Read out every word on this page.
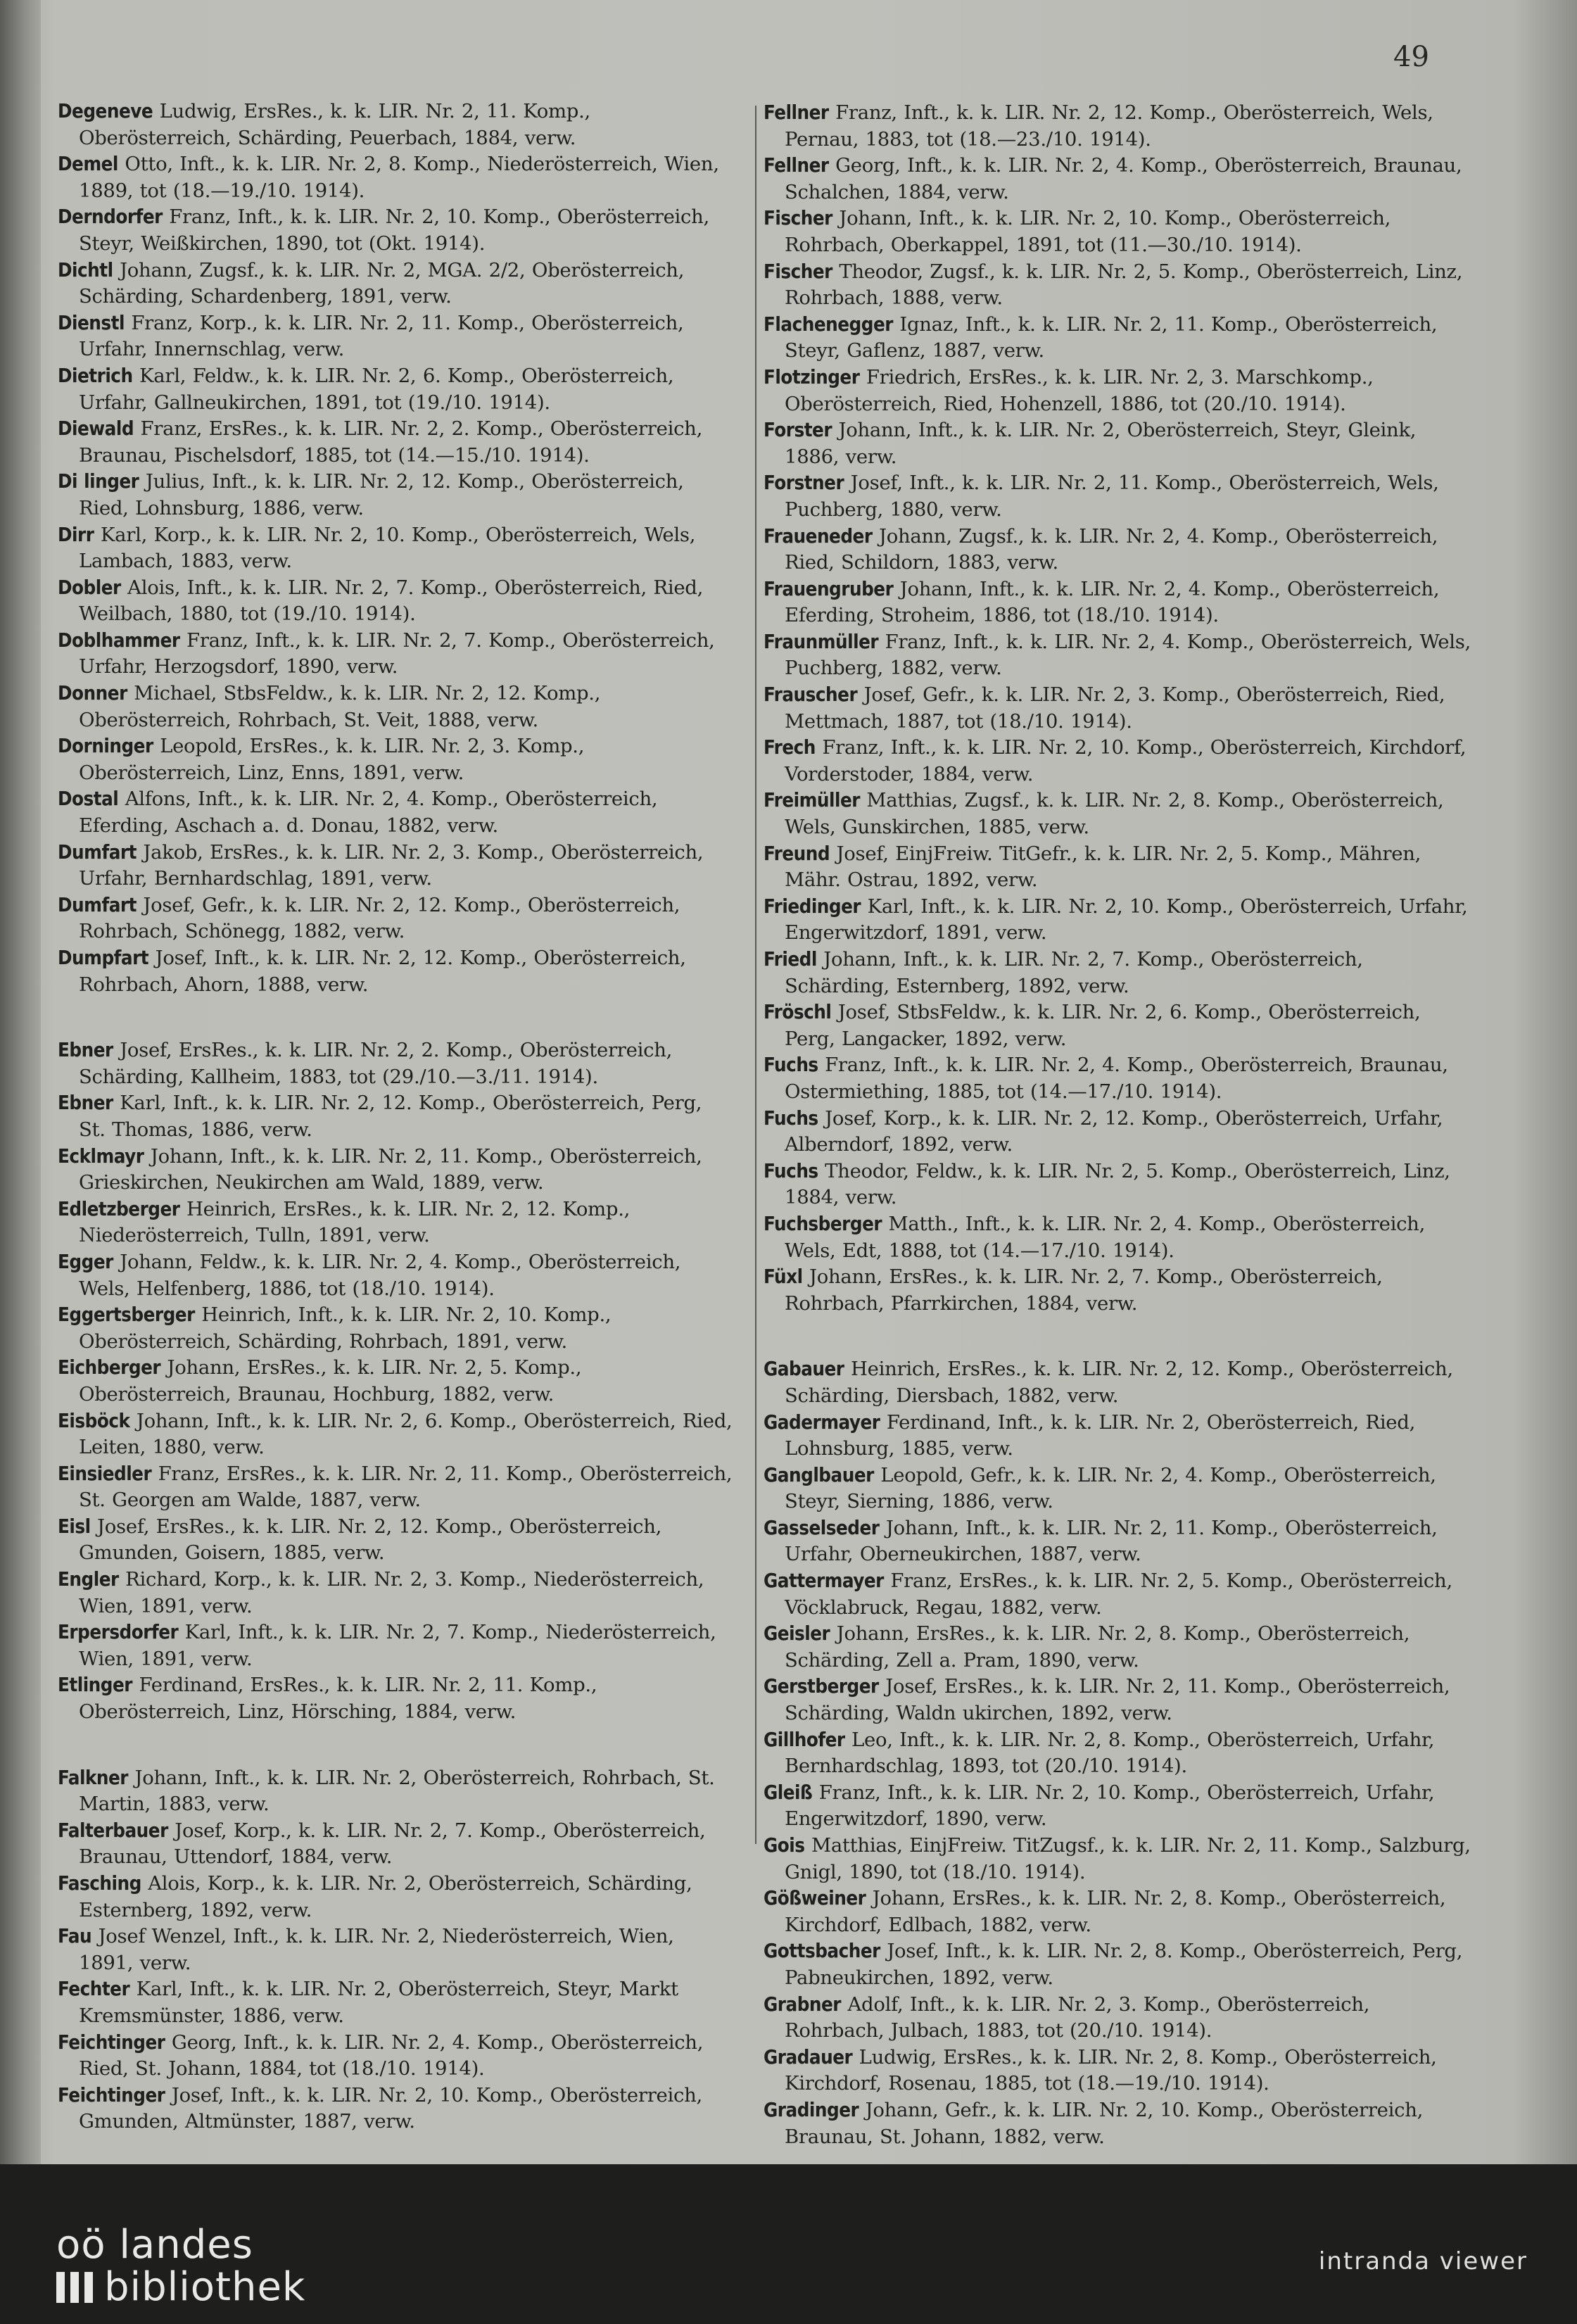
49

Degeneve Ludwig, ErsRes., k. k. LIR. Nr. 2, 11. Komp., Oberösterreich, Schärding, Peuerbach, 1884, verw.

Demel Otto, Inft., k. k. LIR. Nr. 2, 8. Komp., Niederösterreich, Wien, 1889, tot (18.—19./10. 1914).

Derndorfer Franz, Inft., k. k. LIR. Nr. 2, 10. Komp., Oberösterreich, Steyr, Weißkirchen, 1890, tot (Okt. 1914).

Dichtl Johann, Zugsf., k. k. LIR. Nr. 2, MGA. 2/2, Oberösterreich, Schärding, Schardenberg, 1891, verw.

Dienstl Franz, Korp., k. k. LIR. Nr. 2, 11. Komp., Oberösterreich, Urfahr, Innernschlag, verw.

Dietrich Karl, Feldw., k. k. LIR. Nr. 2, 6. Komp., Oberösterreich, Urfahr, Gallneukirchen, 1891, tot (19./10. 1914).

Diewald Franz, ErsRes., k. k. LIR. Nr. 2, 2. Komp., Oberösterreich, Braunau, Pischelsdorf, 1885, tot (14.—15./10. 1914).

Di linger Julius, Inft., k. k. LIR. Nr. 2, 12. Komp., Oberösterreich, Ried, Lohnsburg, 1886, verw.

Dirr Karl, Korp., k. k. LIR. Nr. 2, 10. Komp., Oberösterreich, Wels, Lambach, 1883, verw.

Dobler Alois, Inft., k. k. LIR. Nr. 2, 7. Komp., Oberösterreich, Ried, Weilbach, 1880, tot (19./10. 1914).

Doblhammer Franz, Inft., k. k. LIR. Nr. 2, 7. Komp., Oberösterreich, Urfahr, Herzogsdorf, 1890, verw.

Donner Michael, StbsFeldw., k. k. LIR. Nr. 2, 12. Komp., Oberösterreich, Rohrbach, St. Veit, 1888, verw.

Dorninger Leopold, ErsRes., k. k. LIR. Nr. 2, 3. Komp., Oberösterreich, Linz, Enns, 1891, verw.

Dostal Alfons, Inft., k. k. LIR. Nr. 2, 4. Komp., Oberösterreich, Eferding, Aschach a. d. Donau, 1882, verw.

Dumfart Jakob, ErsRes., k. k. LIR. Nr. 2, 3. Komp., Oberösterreich, Urfahr, Bernhardschlag, 1891, verw.

Dumfart Josef, Gefr., k. k. LIR. Nr. 2, 12. Komp., Oberösterreich, Rohrbach, Schönegg, 1882, verw.

Dumpfart Josef, Inft., k. k. LIR. Nr. 2, 12. Komp., Oberösterreich, Rohrbach, Ahorn, 1888, verw.

Ebner Josef, ErsRes., k. k. LIR. Nr. 2, 2. Komp., Oberösterreich, Schärding, Kallheim, 1883, tot (29./10.—3./11. 1914).

Ebner Karl, Inft., k. k. LIR. Nr. 2, 12. Komp., Oberösterreich, Perg, St. Thomas, 1886, verw.

Ecklmayr Johann, Inft., k. k. LIR. Nr. 2, 11. Komp., Oberösterreich, Grieskirchen, Neukirchen am Wald, 1889, verw.

Edletzberger Heinrich, ErsRes., k. k. LIR. Nr. 2, 12. Komp., Niederösterreich, Tulln, 1891, verw.

Egger Johann, Feldw., k. k. LIR. Nr. 2, 4. Komp., Oberösterreich, Wels, Helfenberg, 1886, tot (18./10. 1914).

Eggertsberger Heinrich, Inft., k. k. LIR. Nr. 2, 10. Komp., Oberösterreich, Schärding, Rohrbach, 1891, verw.

Eichberger Johann, ErsRes., k. k. LIR. Nr. 2, 5. Komp., Oberösterreich, Braunau, Hochburg, 1882, verw.

Eisböck Johann, Inft., k. k. LIR. Nr. 2, 6. Komp., Oberösterreich, Ried, Leiten, 1880, verw.

Einsiedler Franz, ErsRes., k. k. LIR. Nr. 2, 11. Komp., Oberösterreich, St. Georgen am Walde, 1887, verw.

Eisl Josef, ErsRes., k. k. LIR. Nr. 2, 12. Komp., Oberösterreich, Gmunden, Goisern, 1885, verw.

Engler Richard, Korp., k. k. LIR. Nr. 2, 3. Komp., Niederösterreich, Wien, 1891, verw.

Erpersdorfer Karl, Inft., k. k. LIR. Nr. 2, 7. Komp., Niederösterreich, Wien, 1891, verw.

Etlinger Ferdinand, ErsRes., k. k. LIR. Nr. 2, 11. Komp., Oberösterreich, Linz, Hörsching, 1884, verw.

Falkner Johann, Inft., k. k. LIR. Nr. 2, Oberösterreich, Rohrbach, St. Martin, 1883, verw.

Falterbauer Josef, Korp., k. k. LIR. Nr. 2, 7. Komp., Oberösterreich, Braunau, Uttendorf, 1884, verw.

Fasching Alois, Korp., k. k. LIR. Nr. 2, Oberösterreich, Schärding, Esternberg, 1892, verw.

Fau Josef Wenzel, Inft., k. k. LIR. Nr. 2, Niederösterreich, Wien, 1891, verw.

Fechter Karl, Inft., k. k. LIR. Nr. 2, Oberösterreich, Steyr, Markt Kremsmünster, 1886, verw.

Feichtinger Georg, Inft., k. k. LIR. Nr. 2, 4. Komp., Oberösterreich, Ried, St. Johann, 1884, tot (18./10. 1914).

Feichtinger Josef, Inft., k. k. LIR. Nr. 2, 10. Komp., Oberösterreich, Gmunden, Altmünster, 1887, verw.

Fellner Franz, Inft., k. k. LIR. Nr. 2, 12. Komp., Oberösterreich, Wels, Pernau, 1883, tot (18.—23./10. 1914).

Fellner Georg, Inft., k. k. LIR. Nr. 2, 4. Komp., Oberösterreich, Braunau, Schalchen, 1884, verw.

Fischer Johann, Inft., k. k. LIR. Nr. 2, 10. Komp., Oberösterreich, Rohrbach, Oberkappel, 1891, tot (11.—30./10. 1914).

Fischer Theodor, Zugsf., k. k. LIR. Nr. 2, 5. Komp., Oberösterreich, Linz, Rohrbach, 1888, verw.

Flachenegger Ignaz, Inft., k. k. LIR. Nr. 2, 11. Komp., Oberösterreich, Steyr, Gaflenz, 1887, verw.

Flotzinger Friedrich, ErsRes., k. k. LIR. Nr. 2, 3. Marschkomp., Oberösterreich, Ried, Hohenzell, 1886, tot (20./10. 1914).

Forster Johann, Inft., k. k. LIR. Nr. 2, Oberösterreich, Steyr, Gleink, 1886, verw.

Forstner Josef, Inft., k. k. LIR. Nr. 2, 11. Komp., Oberösterreich, Wels, Puchberg, 1880, verw.

Fraueneder Johann, Zugsf., k. k. LIR. Nr. 2, 4. Komp., Oberösterreich, Ried, Schildorn, 1883, verw.

Frauengruber Johann, Inft., k. k. LIR. Nr. 2, 4. Komp., Oberösterreich, Eferding, Stroheim, 1886, tot (18./10. 1914).

Fraunmüller Franz, Inft., k. k. LIR. Nr. 2, 4. Komp., Oberösterreich, Wels, Puchberg, 1882, verw.

Frauscher Josef, Gefr., k. k. LIR. Nr. 2, 3. Komp., Oberösterreich, Ried, Mettmach, 1887, tot (18./10. 1914).

Frech Franz, Inft., k. k. LIR. Nr. 2, 10. Komp., Oberösterreich, Kirchdorf, Vorderstoder, 1884, verw.

Freimüller Matthias, Zugsf., k. k. LIR. Nr. 2, 8. Komp., Oberösterreich, Wels, Gunskirchen, 1885, verw.

Freund Josef, EinjFreiw. TitGefr., k. k. LIR. Nr. 2, 5. Komp., Mähren, Mähr. Ostrau, 1892, verw.

Friedinger Karl, Inft., k. k. LIR. Nr. 2, 10. Komp., Oberösterreich, Urfahr, Engerwitzdorf, 1891, verw.

Friedl Johann, Inft., k. k. LIR. Nr. 2, 7. Komp., Oberösterreich, Schärding, Esternberg, 1892, verw.

Fröschl Josef, StbsFeldw., k. k. LIR. Nr. 2, 6. Komp., Oberösterreich, Perg, Langacker, 1892, verw.

Fuchs Franz, Inft., k. k. LIR. Nr. 2, 4. Komp., Oberösterreich, Braunau, Ostermiething, 1885, tot (14.—17./10. 1914).

Fuchs Josef, Korp., k. k. LIR. Nr. 2, 12. Komp., Oberösterreich, Urfahr, Alberndorf, 1892, verw.

Fuchs Theodor, Feldw., k. k. LIR. Nr. 2, 5. Komp., Oberösterreich, Linz, 1884, verw.

Fuchsberger Matth., Inft., k. k. LIR. Nr. 2, 4. Komp., Oberösterreich, Wels, Edt, 1888, tot (14.—17./10. 1914).

Füxl Johann, ErsRes., k. k. LIR. Nr. 2, 7. Komp., Oberösterreich, Rohrbach, Pfarrkirchen, 1884, verw.

Gabauer Heinrich, ErsRes., k. k. LIR. Nr. 2, 12. Komp., Oberösterreich, Schärding, Diersbach, 1882, verw.

Gadermayer Ferdinand, Inft., k. k. LIR. Nr. 2, Oberösterreich, Ried, Lohnsburg, 1885, verw.

Ganglbauer Leopold, Gefr., k. k. LIR. Nr. 2, 4. Komp., Oberösterreich, Steyr, Sierning, 1886, verw.

Gasselseder Johann, Inft., k. k. LIR. Nr. 2, 11. Komp., Oberösterreich, Urfahr, Oberneukirchen, 1887, verw.

Gattermayer Franz, ErsRes., k. k. LIR. Nr. 2, 5. Komp., Oberösterreich, Vöcklabruck, Regau, 1882, verw.

Geisler Johann, ErsRes., k. k. LIR. Nr. 2, 8. Komp., Oberösterreich, Schärding, Zell a. Pram, 1890, verw.

Gerstberger Josef, ErsRes., k. k. LIR. Nr. 2, 11. Komp., Oberösterreich, Schärding, Waldn ukirchen, 1892, verw.

Gillhofer Leo, Inft., k. k. LIR. Nr. 2, 8. Komp., Oberösterreich, Urfahr, Bernhardschlag, 1893, tot (20./10. 1914).

Gleiß Franz, Inft., k. k. LIR. Nr. 2, 10. Komp., Oberösterreich, Urfahr, Engerwitzdorf, 1890, verw.

Gois Matthias, EinjFreiw. TitZugsf., k. k. LIR. Nr. 2, 11. Komp., Salzburg, Gnigl, 1890, tot (18./10. 1914).

Gößweiner Johann, ErsRes., k. k. LIR. Nr. 2, 8. Komp., Oberösterreich, Kirchdorf, Edlbach, 1882, verw.

Gottsbacher Josef, Inft., k. k. LIR. Nr. 2, 8. Komp., Oberösterreich, Perg, Pabneukirchen, 1892, verw.

Grabner Adolf, Inft., k. k. LIR. Nr. 2, 3. Komp., Oberösterreich, Rohrbach, Julbach, 1883, tot (20./10. 1914).

Gradauer Ludwig, ErsRes., k. k. LIR. Nr. 2, 8. Komp., Oberösterreich, Kirchdorf, Rosenau, 1885, tot (18.—19./10. 1914).

Gradinger Johann, Gefr., k. k. LIR. Nr. 2, 10. Komp., Oberösterreich, Braunau, St. Johann, 1882, verw.

oö landes
bibliothek
intranda viewer
